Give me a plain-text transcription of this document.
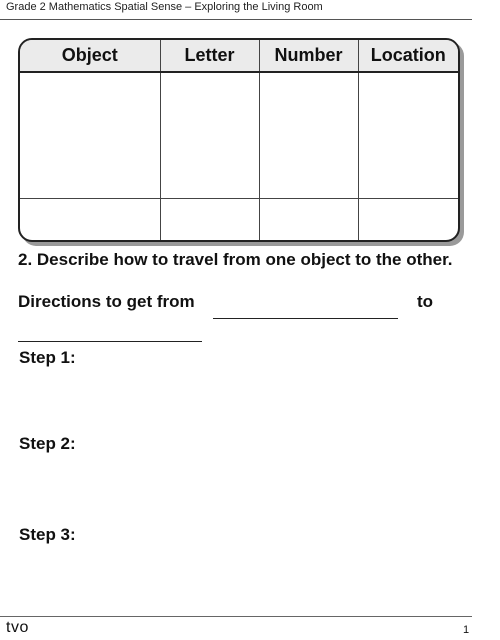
Grade 2 Mathematics Spatial Sense – Exploring the Living Room
Object	Letter	Number	Location

2. Describe how to travel from one object to the other.
Directions to get from	to
Step 1:
Step 2:
Step 3:
tvo	1
